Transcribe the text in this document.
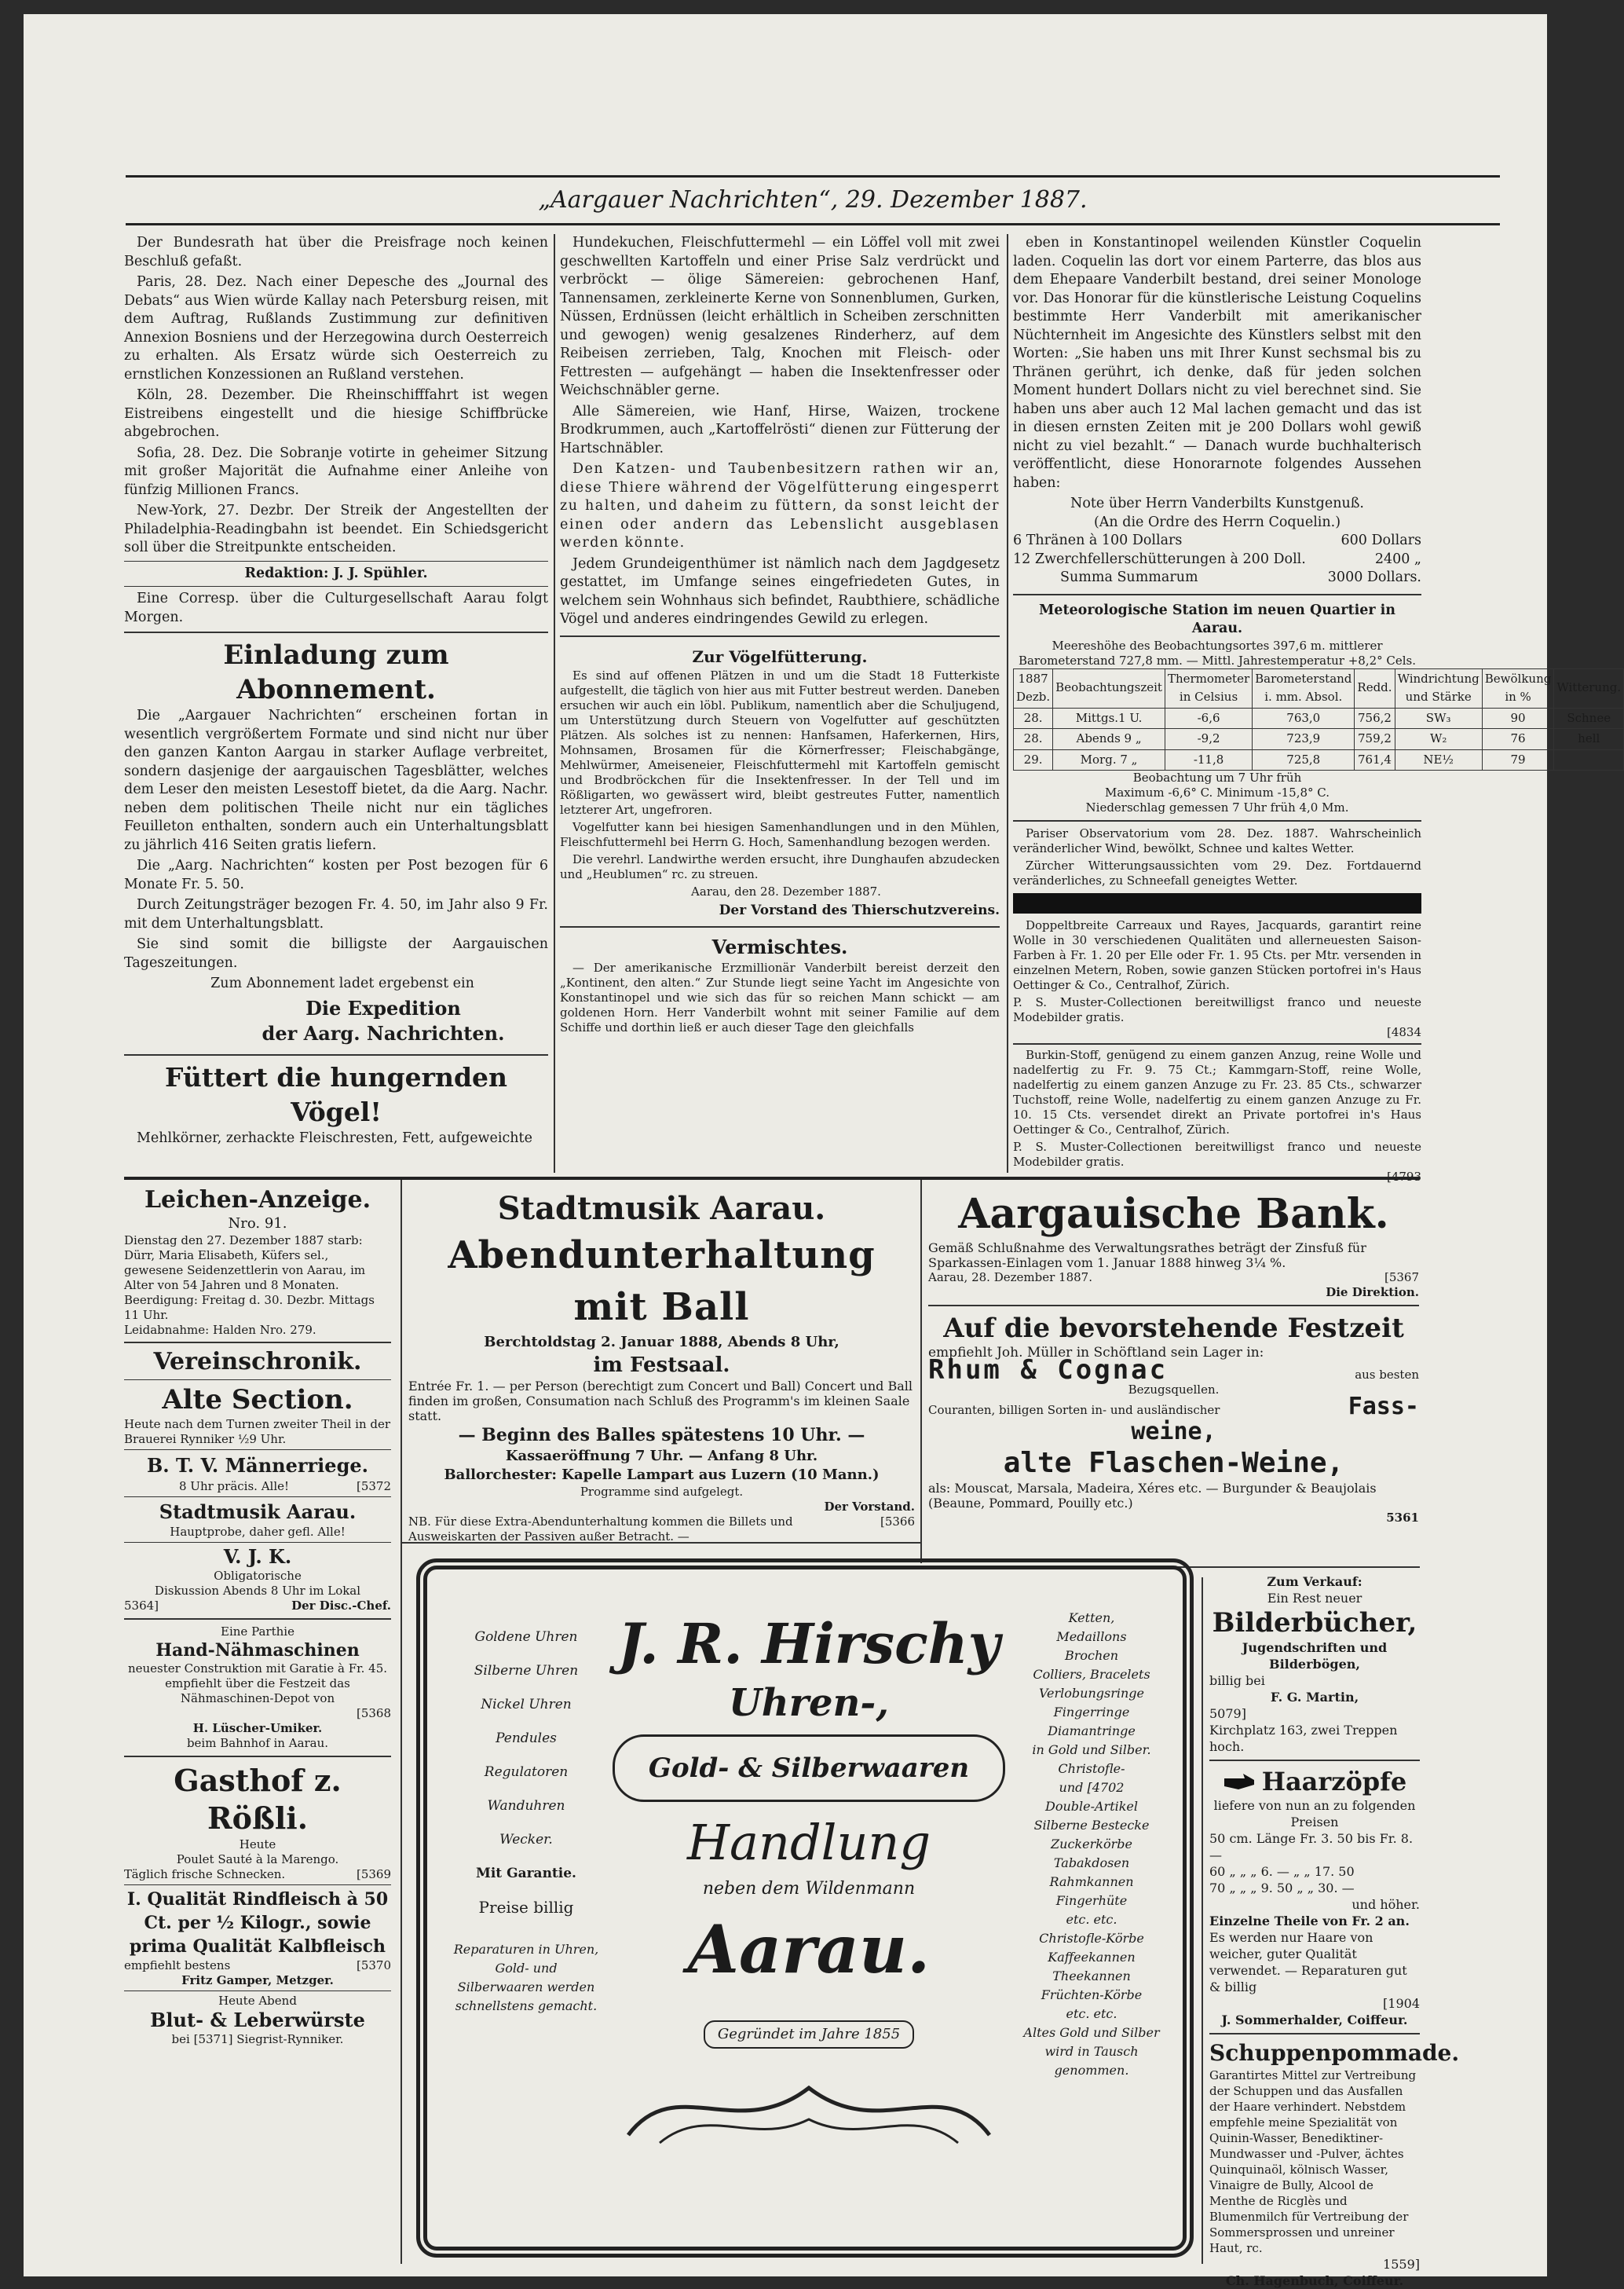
„Aargauer Nachrichten“, 29. Dezember 1887.

Der Bundesrath hat über die Preisfrage noch keinen Beschluß gefaßt.

Paris, 28. Dez. Nach einer Depesche des „Journal des Debats“ aus Wien würde Kallay nach Petersburg reisen, mit dem Auftrag, Rußlands Zustimmung zur definitiven Annexion Bosniens und der Herzegowina durch Oesterreich zu erhalten. Als Ersatz würde sich Oesterreich zu ernstlichen Konzessionen an Rußland verstehen.

Köln, 28. Dezember. Die Rheinschifffahrt ist wegen Eistreibens eingestellt und die hiesige Schiffbrücke abgebrochen.

Sofia, 28. Dez. Die Sobranje votirte in geheimer Sitzung mit großer Majorität die Aufnahme einer Anleihe von fünfzig Millionen Francs.

New-York, 27. Dezbr. Der Streik der Angestellten der Philadelphia-Readingbahn ist beendet. Ein Schiedsgericht soll über die Streitpunkte entscheiden.

Redaktion: J. J. Spühler.

Eine Corresp. über die Culturgesellschaft Aarau folgt Morgen.

Einladung zum Abonnement.

Die „Aargauer Nachrichten“ erscheinen fortan in wesentlich vergrößertem Formate und sind nicht nur über den ganzen Kanton Aargau in starker Auflage verbreitet, sondern dasjenige der aargauischen Tagesblätter, welches dem Leser den meisten Lesestoff bietet, da die Aarg. Nachr. neben dem politischen Theile nicht nur ein tägliches Feuilleton enthalten, sondern auch ein Unterhaltungsblatt zu jährlich 416 Seiten gratis liefern.

Die „Aarg. Nachrichten“ kosten per Post bezogen für 6 Monate Fr. 5. 50.

Durch Zeitungsträger bezogen Fr. 4. 50, im Jahr also 9 Fr. mit dem Unterhaltungsblatt.

Sie sind somit die billigste der Aargauischen Tageszeitungen.

Zum Abonnement ladet ergebenst ein

Die Expedition
der Aarg. Nachrichten.
Füttert die hungernden Vögel!

Mehlkörner, zerhackte Fleischresten, Fett, aufgeweichte

Hundekuchen, Fleischfuttermehl — ein Löffel voll mit zwei geschwellten Kartoffeln und einer Prise Salz verdrückt und verbröckt — ölige Sämereien: gebrochenen Hanf, Tannensamen, zerkleinerte Kerne von Sonnenblumen, Gurken, Nüssen, Erdnüssen (leicht erhältlich in Scheiben zerschnitten und gewogen) wenig gesalzenes Rinderherz, auf dem Reibeisen zerrieben, Talg, Knochen mit Fleisch- oder Fettresten — aufgehängt — haben die Insektenfresser oder Weichschnäbler gerne.

Alle Sämereien, wie Hanf, Hirse, Waizen, trockene Brodkrummen, auch „Kartoffelrösti“ dienen zur Fütterung der Hartschnäbler.

Den Katzen- und Taubenbesitzern rathen wir an, diese Thiere während der Vögelfütterung eingesperrt zu halten, und daheim zu füttern, da sonst leicht der einen oder andern das Lebenslicht ausgeblasen werden könnte.

Jedem Grundeigenthümer ist nämlich nach dem Jagdgesetz gestattet, im Umfange seines eingefriedeten Gutes, in welchem sein Wohnhaus sich befindet, Raubthiere, schädliche Vögel und anderes eindringendes Gewild zu erlegen.

Zur Vögelfütterung.

Es sind auf offenen Plätzen in und um die Stadt 18 Futterkiste aufgestellt, die täglich von hier aus mit Futter bestreut werden. Daneben ersuchen wir auch ein löbl. Publikum, namentlich aber die Schuljugend, um Unterstützung durch Steuern von Vogelfutter auf geschützten Plätzen. Als solches ist zu nennen: Hanfsamen, Haferkernen, Hirs, Mohnsamen, Brosamen für die Körnerfresser; Fleischabgänge, Mehlwürmer, Ameiseneier, Fleischfuttermehl mit Kartoffeln gemischt und Brodbröckchen für die Insektenfresser. In der Tell und im Rößligarten, wo gewässert wird, bleibt gestreutes Futter, namentlich letzterer Art, ungefroren.

Vogelfutter kann bei hiesigen Samenhandlungen und in den Mühlen, Fleischfuttermehl bei Herrn G. Hoch, Samenhandlung bezogen werden.

Die verehrl. Landwirthe werden ersucht, ihre Dunghaufen abzudecken und „Heublumen“ rc. zu streuen.

Aarau, den 28. Dezember 1887.

Der Vorstand des Thierschutzvereins.
Vermischtes.

— Der amerikanische Erzmillionär Vanderbilt bereist derzeit den „Kontinent, den alten.“ Zur Stunde liegt seine Yacht im Angesichte von Konstantinopel und wie sich das für so reichen Mann schickt — am goldenen Horn. Herr Vanderbilt wohnt mit seiner Familie auf dem Schiffe und dorthin ließ er auch dieser Tage den gleichfalls

eben in Konstantinopel weilenden Künstler Coquelin laden. Coquelin las dort vor einem Parterre, das blos aus dem Ehepaare Vanderbilt bestand, drei seiner Monologe vor. Das Honorar für die künstlerische Leistung Coquelins bestimmte Herr Vanderbilt mit amerikanischer Nüchternheit im Angesichte des Künstlers selbst mit den Worten: „Sie haben uns mit Ihrer Kunst sechsmal bis zu Thränen gerührt, ich denke, daß für jeden solchen Moment hundert Dollars nicht zu viel berechnet sind. Sie haben uns aber auch 12 Mal lachen gemacht und das ist in diesen ernsten Zeiten mit je 200 Dollars wohl gewiß nicht zu viel bezahlt.“ — Danach wurde buchhalterisch veröffentlicht, diese Honorarnote folgendes Aussehen haben:

Note über Herrn Vanderbilts Kunstgenuß.
(An die Ordre des Herrn Coquelin.)
6 Thränen à 100 Dollars	600 Dollars
12 Zwerchfellerschütterungen à 200 Doll.	2400 „
Summa Summarum	3000 Dollars.
Meteorologische Station im neuen Quartier in Aarau.
Meereshöhe des Beobachtungsortes 397,6 m. mittlerer Barometerstand 727,8 mm. — Mittl. Jahrestemperatur +8,2° Cels.
1887 Dezb.	Beobachtungszeit	Thermometer in Celsius	Barometerstand i. mm. Absol.	Redd.	Windrichtung und Stärke	Bewölkung in %	Witterung.
28.	Mittgs.1 U.	-6,6	763,0	756,2	SW₃	90	Schnee
28.	Abends 9 „	-9,2	723,9	759,2	W₂	76	hell
29.	Morg. 7 „	-11,8	725,8	761,4	NE½	79	
Beobachtung um 7 Uhr früh
Maximum -6,6° C. Minimum -15,8° C.
Niederschlag gemessen 7 Uhr früh 4,0 Mm.

Pariser Observatorium vom 28. Dez. 1887. Wahrscheinlich veränderlicher Wind, bewölkt, Schnee und kaltes Wetter.

Zürcher Witterungsaussichten vom 29. Dez. Fortdauernd veränderliches, zu Schneefall geneigtes Wetter.

Doppeltbreite Carreaux und Rayes, Jacquards, garantirt reine Wolle in 30 verschiedenen Qualitäten und allerneuesten Saison-Farben à Fr. 1. 20 per Elle oder Fr. 1. 95 Cts. per Mtr. versenden in einzelnen Metern, Roben, sowie ganzen Stücken portofrei in's Haus Oettinger & Co., Centralhof, Zürich.

P. S. Muster-Collectionen bereitwilligst franco und neueste Modebilder gratis.
[4834

Burkin-Stoff, genügend zu einem ganzen Anzug, reine Wolle und nadelfertig zu Fr. 9. 75 Ct.; Kammgarn-Stoff, reine Wolle, nadelfertig zu einem ganzen Anzuge zu Fr. 23. 85 Cts., schwarzer Tuchstoff, reine Wolle, nadelfertig zu einem ganzen Anzuge zu Fr. 10. 15 Cts. versendet direkt an Private portofrei in's Haus Oettinger & Co., Centralhof, Zürich.

P. S. Muster-Collectionen bereitwilligst franco und neueste Modebilder gratis.
[4793
Leichen-Anzeige.
Nro. 91.
Dienstag den 27. Dezember 1887 starb: Dürr, Maria Elisabeth, Küfers sel., gewesene Seidenzettlerin von Aarau, im Alter von 54 Jahren und 8 Monaten.
Beerdigung: Freitag d. 30. Dezbr. Mittags 11 Uhr.
Leidabnahme: Halden Nro. 279.
Vereinschronik.
Alte Section.
Heute nach dem Turnen zweiter Theil in der Brauerei Rynniker ½9 Uhr.
B. T. V. Männerriege.
8 Uhr präcis. Alle!	[5372
Stadtmusik Aarau.
Hauptprobe, daher gefl. Alle!
V. J. K.
Obligatorische
Diskussion Abends 8 Uhr im Lokal
5364]	Der Disc.-Chef.
Eine Parthie
Hand-Nähmaschinen
neuester Construktion mit Garatie à Fr. 45. empfiehlt über die Festzeit das Nähmaschinen-Depot von
[5368
H. Lüscher-Umiker.
beim Bahnhof in Aarau.
Gasthof z. Rößli.
Heute
Poulet Sauté à la Marengo.
Täglich frische Schnecken.	[5369
I. Qualität Rindfleisch à 50 Ct. per ½ Kilogr., sowie prima Qualität Kalbfleisch
empfiehlt bestens	[5370
Fritz Gamper, Metzger.
Heute Abend
Blut- & Leberwürste
bei [5371] Siegrist-Rynniker.
Stadtmusik Aarau.
Abendunterhaltung mit Ball
Berchtoldstag 2. Januar 1888, Abends 8 Uhr,
im Festsaal.
Entrée Fr. 1. — per Person (berechtigt zum Concert und Ball) Concert und Ball finden im großen, Consumation nach Schluß des Programm's im kleinen Saale statt.
— Beginn des Balles spätestens 10 Uhr. —
Kassaeröffnung 7 Uhr. — Anfang 8 Uhr.
Ballorchester: Kapelle Lampart aus Luzern (10 Mann.)
Programme sind aufgelegt.
Der Vorstand.
NB. Für diese Extra-Abendunterhaltung kommen die Billets und Ausweiskarten der Passiven außer Betracht. —
[5366
Aargauische Bank.
Gemäß Schlußnahme des Verwaltungsrathes beträgt der Zinsfuß für Sparkassen-Einlagen vom 1. Januar 1888 hinweg 3¼ %.
Aarau, 28. Dezember 1887.	[5367
Die Direktion.
Auf die bevorstehende Festzeit
empfiehlt Joh. Müller in Schöftland sein Lager in:
Rhum & Cognac	aus besten
Bezugsquellen.
Couranten, billigen Sorten in- und ausländischer	Fass-
weine,
alte Flaschen-Weine,
als: Mouscat, Marsala, Madeira, Xéres etc. — Burgunder & Beaujolais (Beaune, Pommard, Pouilly etc.)
5361
Goldene Uhren
Silberne Uhren
Nickel Uhren
Pendules
Regulatoren
Wanduhren
Wecker.
Mit Garantie.
Preise billig
Reparaturen in Uhren, Gold- und Silberwaaren werden schnellstens gemacht.
J. R. Hirschy
Uhren-,
Gold- & Silberwaaren
Handlung
neben dem Wildenmann
Aarau.
Gegründet im Jahre 1855
Ketten,
Medaillons
Brochen
Colliers, Bracelets
Verlobungsringe
Fingerringe
Diamantringe
in Gold und Silber.
Christofle-
und [4702
Double-Artikel
Silberne Bestecke
Zuckerkörbe
Tabakdosen
Rahmkannen
Fingerhüte
etc. etc.
Christofle-Körbe
Kaffeekannen
Theekannen
Früchten-Körbe
etc. etc.
Altes Gold und Silber
wird in Tausch
genommen.
Zum Verkauf:
Ein Rest neuer
Bilderbücher,
Jugendschriften und Bilderbögen,
billig bei
F. G. Martin,
5079]
Kirchplatz 163, zwei Treppen hoch.
Haarzöpfe
liefere von nun an zu folgenden Preisen
50 cm. Länge Fr. 3. 50 bis Fr. 8. —
60 „ „ „ 6. — „ „ 17. 50
70 „ „ „ 9. 50 „ „ 30. —
und höher.
Einzelne Theile von Fr. 2 an.
Es werden nur Haare von weicher, guter Qualität verwendet. — Reparaturen gut & billig
[1904
J. Sommerhalder, Coiffeur.
Schuppenpommade.
Garantirtes Mittel zur Vertreibung der Schuppen und das Ausfallen der Haare verhindert. Nebstdem empfehle meine Spezialität von Quinin-Wasser, Benediktiner-Mundwasser und -Pulver, ächtes Quinquinaöl, kölnisch Wasser, Vinaigre de Bully, Alcool de Menthe de Ricglès und Blumenmilch für Vertreibung der Sommersprossen und unreiner Haut, rc.
1559]
Ch. Hagenbuch, Coiffeur.
